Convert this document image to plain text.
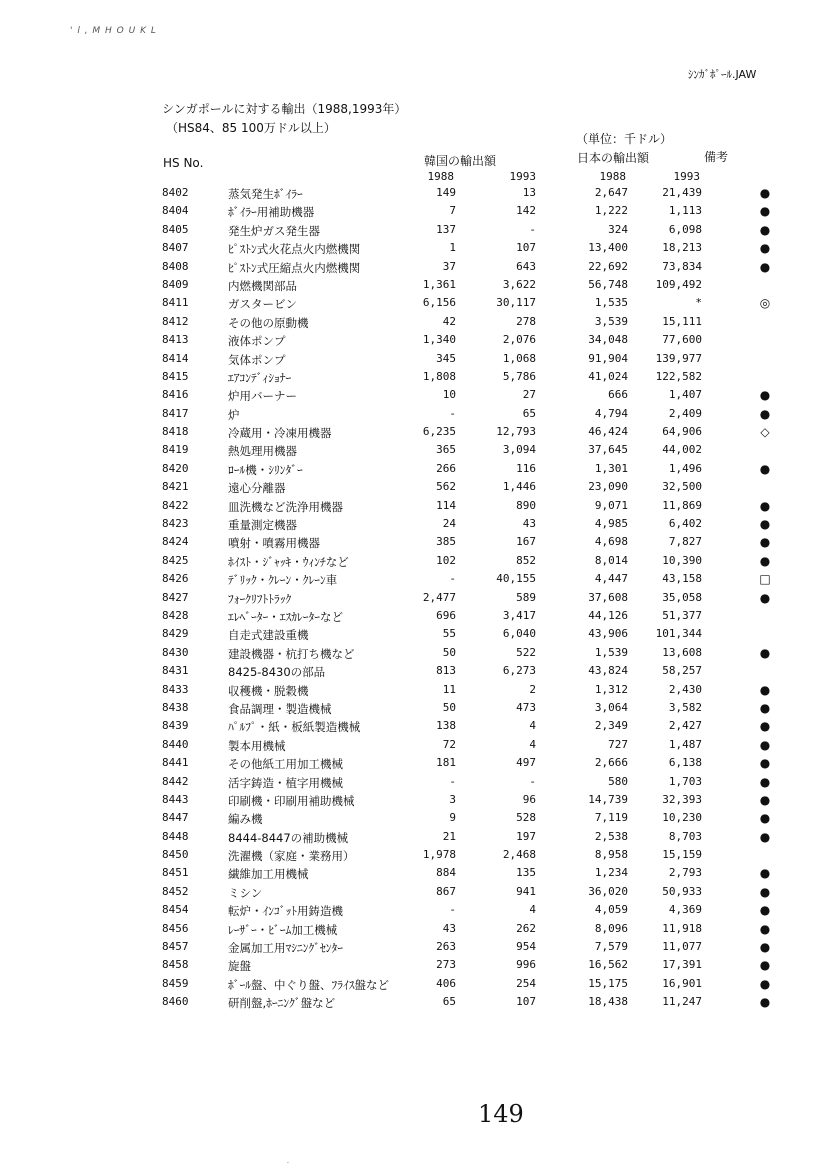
' l , M H O U K L
ｼﾝｶﾞﾎﾟｰﾙ.JAW
シンガポールに対する輸出（1988,1993年）
（HS84、85 100万ドル以上）
（単位：千ドル）
HS No.	韓国の輸出額	日本の輸出額	備考
1988	1993	1988	1993
8402	蒸気発生ﾎﾞｲﾗｰ	149	13	2,647	21,439	●
8404	ﾎﾞｲﾗｰ用補助機器	7	142	1,222	1,113	●
8405	発生炉ガス発生器	137	-	324	6,098	●
8407	ﾋﾟｽﾄﾝ式火花点火内燃機関	1	107	13,400	18,213	●
8408	ﾋﾟｽﾄﾝ式圧縮点火内燃機関	37	643	22,692	73,834	●
8409	内燃機関部品	1,361	3,622	56,748	109,492
8411	ガスタービン	6,156	30,117	1,535	*	◎
8412	その他の原動機	42	278	3,539	15,111
8413	液体ポンプ	1,340	2,076	34,048	77,600
8414	気体ポンプ	345	1,068	91,904	139,977
8415	ｴｱｺﾝﾃﾞｨｼｮﾅｰ	1,808	5,786	41,024	122,582
8416	炉用バーナー	10	27	666	1,407	●
8417	炉	-	65	4,794	2,409	●
8418	冷蔵用・冷凍用機器	6,235	12,793	46,424	64,906	◇
8419	熱処理用機器	365	3,094	37,645	44,002
8420	ﾛｰﾙ機・ｼﾘﾝﾀﾞｰ	266	116	1,301	1,496	●
8421	遠心分離器	562	1,446	23,090	32,500
8422	皿洗機など洗浄用機器	114	890	9,071	11,869	●
8423	重量測定機器	24	43	4,985	6,402	●
8424	噴射・噴霧用機器	385	167	4,698	7,827	●
8425	ﾎｲｽﾄ・ｼﾞｬｯｷ・ｳｨﾝﾁなど	102	852	8,014	10,390	●
8426	ﾃﾞﾘｯｸ・ｸﾚｰﾝ・ｸﾚｰﾝ車	-	40,155	4,447	43,158	□
8427	ﾌｫｰｸﾘﾌﾄﾄﾗｯｸ	2,477	589	37,608	35,058	●
8428	ｴﾚﾍﾞｰﾀｰ・ｴｽｶﾚｰﾀｰなど	696	3,417	44,126	51,377
8429	自走式建設重機	55	6,040	43,906	101,344
8430	建設機器・杭打ち機など	50	522	1,539	13,608	●
8431	8425-8430の部品	813	6,273	43,824	58,257
8433	収穫機・脱穀機	11	2	1,312	2,430	●
8438	食品調理・製造機械	50	473	3,064	3,582	●
8439	ﾊﾟﾙﾌﾟ・紙・板紙製造機械	138	4	2,349	2,427	●
8440	製本用機械	72	4	727	1,487	●
8441	その他紙工用加工機械	181	497	2,666	6,138	●
8442	活字鋳造・植字用機械	-	-	580	1,703	●
8443	印刷機・印刷用補助機械	3	96	14,739	32,393	●
8447	編み機	9	528	7,119	10,230	●
8448	8444-8447の補助機械	21	197	2,538	8,703	●
8450	洗濯機（家庭・業務用）	1,978	2,468	8,958	15,159
8451	繊維加工用機械	884	135	1,234	2,793	●
8452	ミシン	867	941	36,020	50,933	●
8454	転炉・ｲﾝｺﾞｯﾄ用鋳造機	-	4	4,059	4,369	●
8456	ﾚｰｻﾞｰ・ﾋﾞｰﾑ加工機械	43	262	8,096	11,918	●
8457	金属加工用ﾏｼﾆﾝｸﾞｾﾝﾀｰ	263	954	7,579	11,077	●
8458	旋盤	273	996	16,562	17,391	●
8459	ﾎﾞｰﾙ盤、中ぐり盤、ﾌﾗｲｽ盤など	406	254	15,175	16,901	●
8460	研削盤,ﾎｰﾆﾝｸﾞ盤など	65	107	18,438	11,247	●
149
.
